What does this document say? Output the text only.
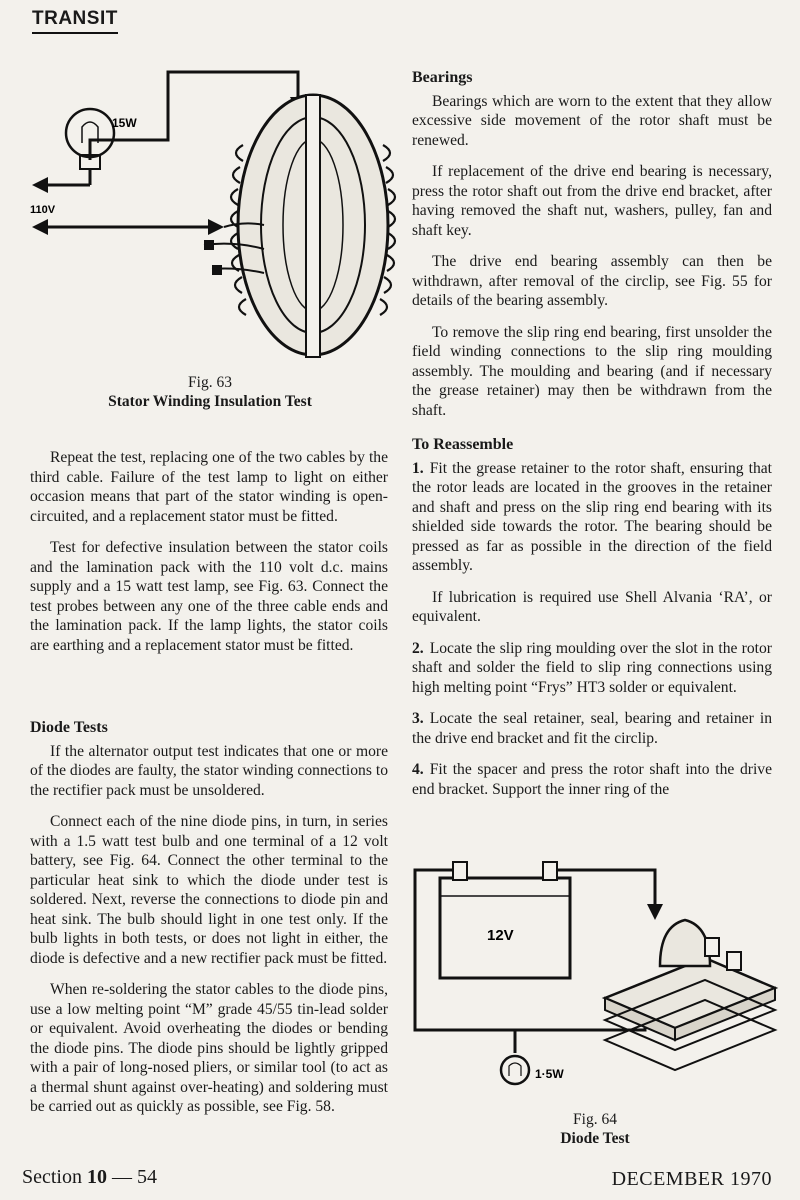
TRANSIT
15W
110V
Fig. 63
Stator Winding Insulation Test

Repeat the test, replacing one of the two cables by the third cable. Failure of the test lamp to light on either occasion means that part of the stator winding is open-circuited, and a replacement stator must be fitted.

Test for defective insulation between the stator coils and the lamination pack with the 110 volt d.c. mains supply and a 15 watt test lamp, see Fig. 63. Connect the test probes between any one of the three cable ends and the lamination pack. If the lamp lights, the stator coils are earthing and a replacement stator must be fitted.

Diode Tests

If the alternator output test indicates that one or more of the diodes are faulty, the stator winding connections to the rectifier pack must be unsoldered.

Connect each of the nine diode pins, in turn, in series with a 1.5 watt test bulb and one terminal of a 12 volt battery, see Fig. 64. Connect the other terminal to the particular heat sink to which the diode under test is soldered. Next, reverse the connections to diode pin and heat sink. The bulb should light in one test only. If the bulb lights in both tests, or does not light in either, the diode is defective and a new rectifier pack must be fitted.

When re-soldering the stator cables to the diode pins, use a low melting point “M” grade 45/55 tin-lead solder or equivalent. Avoid overheating the diodes or bending the diode pins. The diode pins should be lightly gripped with a pair of long-nosed pliers, or similar tool (to act as a thermal shunt against over-heating) and soldering must be carried out as quickly as possible, see Fig. 58.

Bearings

Bearings which are worn to the extent that they allow excessive side movement of the rotor shaft must be renewed.

If replacement of the drive end bearing is necessary, press the rotor shaft out from the drive end bracket, after having removed the shaft nut, washers, pulley, fan and shaft key.

The drive end bearing assembly can then be withdrawn, after removal of the circlip, see Fig. 55 for details of the bearing assembly.

To remove the slip ring end bearing, first unsolder the field winding connections to the slip ring moulding assembly. The moulding and bearing (and if necessary the grease retainer) may then be withdrawn from the shaft.

To Reassemble

1. Fit the grease retainer to the rotor shaft, ensuring that the rotor leads are located in the grooves in the retainer and shaft and press on the slip ring end bearing with its shielded side towards the rotor. The bearing should be pressed as far as possible in the direction of the field assembly.

If lubrication is required use Shell Alvania ‘RA’, or equivalent.

2. Locate the slip ring moulding over the slot in the rotor shaft and solder the field to slip ring connections using high melting point “Frys” HT3 solder or equivalent.

3. Locate the seal retainer, seal, bearing and retainer in the drive end bracket and fit the circlip.

4. Fit the spacer and press the rotor shaft into the drive end bracket. Support the inner ring of the

12V
1·5W
Fig. 64
Diode Test
Section 10 — 54	DECEMBER 1970
